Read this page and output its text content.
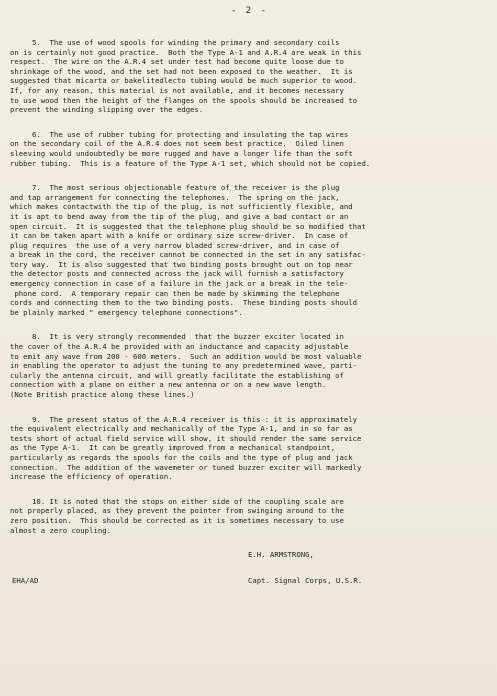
- 2 -
5.  The use of wood spools for winding the primary and secondary coils
on is certainly not good practice.  Both the Type A-1 and A.R.4 are weak in this
respect.  The wire on the A.R.4 set under test had become quite loose due to
shrinkage of the wood, and the set had not been exposed to the weather.  It is
suggested that micarta or bakelitedlecto tubing would be much superior to wood.
If, for any reason, this material is not available, and it becomes necessary
to use wood then the height of the flanges on the spools should be increased to
prevent the winding slipping over the edges.
6.  The use of rubber tubing for protecting and insulating the tap wires
on the secondary coil of the A.R.4 does not seem best practice.  Oiled linen
sleeving would undoubtedly be more rugged and have a longer life than the soft
rubber tubing.  This is a feature of the Type A-1 set, which should not be copied.
7.  The most serious objectionable feature of the receiver is the plug
and tap arrangement for connecting the telephones.  The spring on the jack,
which makes contactwith the tip of the plug, is not sufficiently flexible, and
it is apt to bend away from the tip of the plug, and give a bad contact or an
open circuit.  It is suggested that the telephone plug should be so modified that
it can be taken apart with a knife or ordinary size screw-driver.  In case of
plug requires  the use of a very narrow bladed screw-driver, and in case of
a break in the cord, the receiver cannot be connected in the set in any satisfac-
tory way.  It is also suggested that two binding posts brought out on top near
the detector posts and connected across the jack will furnish a satisfactory
emergency connection in case of a failure in the jack or a break in the tele-
phone cord.  A temporary repair can then be made by skimming the telephone
cords and connecting them to the two binding posts.  These binding posts should
be plainly marked " emergency telephone connections".
8.  It is very strongly recommended  that the buzzer exciter located in
the cover of the A.R.4 be provided with an inductance and capacity adjustable
to emit any wave from 200 - 600 meters.  Such an addition would be most valuable
in enabling the operator to adjust the tuning to any predetermined wave, parti-
cularly the antenna circuit, and will greatly facilitate the establishing of
connection with a plane on either a new antenna or on a new wave length.
(Note British practice along these lines.)
9.  The present status of the A.R.4 receiver is this : it is approximately
the equivalent electrically and mechanically of the Type A-1, and in so far as
tests short of actual field service will show, it should render the same service
as the Type A-1.  It can be greatly improved from a mechanical standpoint,
particularly as regards the spools for the coils and the type of plug and jack
connection.  The addition of the wavemeter or tuned buzzer exciter will markedly
increase the efficiency of operation.
10. It is noted that the stops on either side of the coupling scale are
not properly placed, as they prevent the pointer from swinging around to the
zero position.  This should be corrected as it is sometimes necessary to use
almost a zero coupling.
E.H. ARMSTRONG,

EHA/AD

	Capt. Signal Corps, U.S.R.
